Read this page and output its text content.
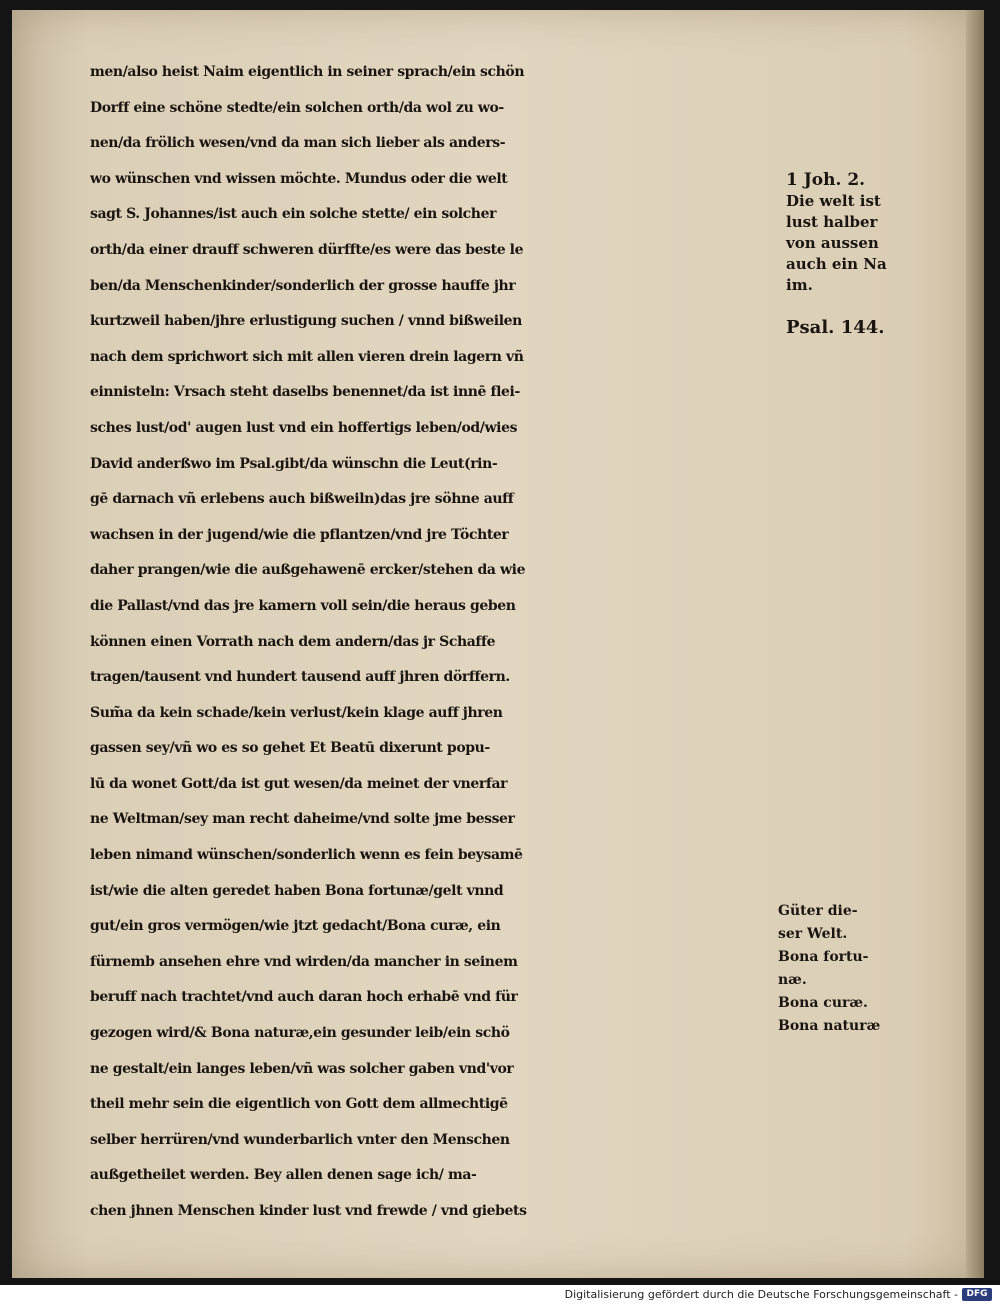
men/also heist Naim eigentlich in seiner sprach/ein schön
Dorff eine schöne stedte/ein solchen orth/da wol zu wo-
nen/da frölich wesen/vnd da man sich lieber als anders-
wo wünschen vnd wissen möchte. Mundus oder die welt
sagt S. Johannes/ist auch ein solche stette/ ein solcher
orth/da einer drauff schweren dürffte/es were das beste le
ben/da Menschenkinder/sonderlich der grosse hauffe jhr
kurtzweil haben/jhre erlustigung suchen / vnnd bißweilen
nach dem sprichwort sich mit allen vieren drein lagern vñ
einnisteln: Vrsach steht daselbs benennet/da ist innē flei-
sches lust/od' augen lust vnd ein hoffertigs leben/od/wies
David anderßwo im Psal.gibt/da wünschn die Leut(rin-
gē darnach vñ erlebens auch bißweiln)das jre söhne auff
wachsen in der jugend/wie die pflantzen/vnd jre Töchter
daher prangen/wie die außgehawenē ercker/stehen da wie
die Pallast/vnd das jre kamern voll sein/die heraus geben
können einen Vorrath nach dem andern/das jr Schaffe
tragen/tausent vnd hundert tausend auff jhren dörffern.
Sum̃a da kein schade/kein verlust/kein klage auff jhren
gassen sey/vñ wo es so gehet Et Beatū dixerunt popu-
lū da wonet Gott/da ist gut wesen/da meinet der vnerfar
ne Weltman/sey man recht daheime/vnd solte jme besser
leben nimand wünschen/sonderlich wenn es fein beysamē
ist/wie die alten geredet haben Bona fortunæ/gelt vnnd
gut/ein gros vermögen/wie jtzt gedacht/Bona curæ, ein
fürnemb ansehen ehre vnd wirden/da mancher in seinem
beruff nach trachtet/vnd auch daran hoch erhabē vnd für
gezogen wird/& Bona naturæ,ein gesunder leib/ein schö
ne gestalt/ein langes leben/vñ was solcher gaben vnd'vor
theil mehr sein die eigentlich von Gott dem allmechtigē
selber herrüren/vnd wunderbarlich vnter den Menschen
außgetheilet werden. Bey allen denen sage ich/ ma-
chen jhnen Menschen kinder lust vnd frewde / vnd giebets
1 Joh. 2.
Die welt ist
lust halber
von aussen
auch ein Na
im.
Psal. 144.
Güter die-
ser Welt.
Bona fortu-
næ.
Bona curæ.
Bona naturæ
Digitalisierung gefördert durch die Deutsche Forschungsgemeinschaft - DFG
